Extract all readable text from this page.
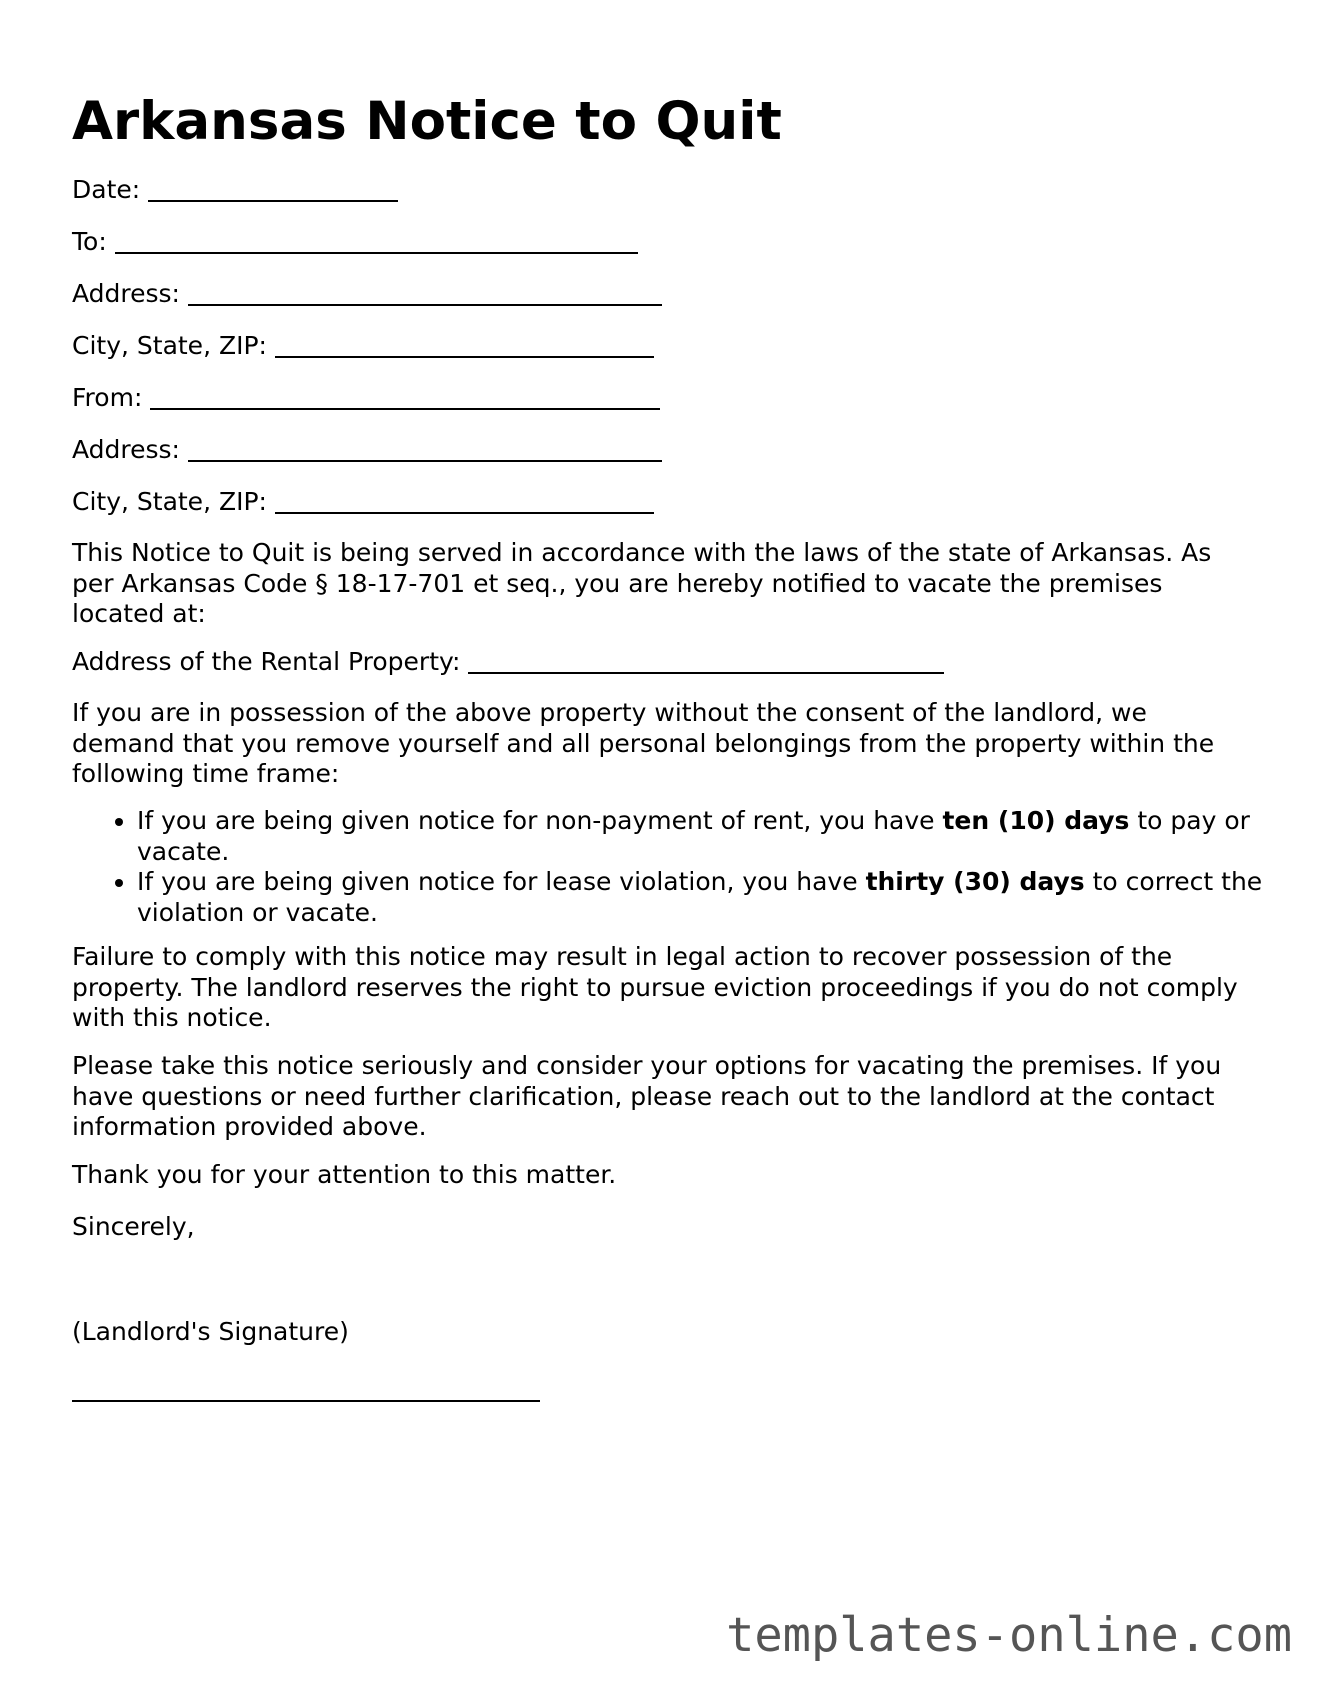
Arkansas Notice to Quit
Date:
To:
Address:
City, State, ZIP:
From:
Address:
City, State, ZIP:

This Notice to Quit is being served in accordance with the laws of the state of Arkansas. As per Arkansas Code § 18-17-701 et seq., you are hereby notified to vacate the premises located at:

Address of the Rental Property:

If you are in possession of the above property without the consent of the landlord, we demand that you remove yourself and all personal belongings from the property within the following time frame:

• If you are being given notice for non-payment of rent, you have ten (10) days to pay or vacate.
• If you are being given notice for lease violation, you have thirty (30) days to correct the violation or vacate.

Failure to comply with this notice may result in legal action to recover possession of the property. The landlord reserves the right to pursue eviction proceedings if you do not comply with this notice.

Please take this notice seriously and consider your options for vacating the premises. If you have questions or need further clarification, please reach out to the landlord at the contact information provided above.

Thank you for your attention to this matter.
Sincerely,
(Landlord's Signature)
templates-online.com
